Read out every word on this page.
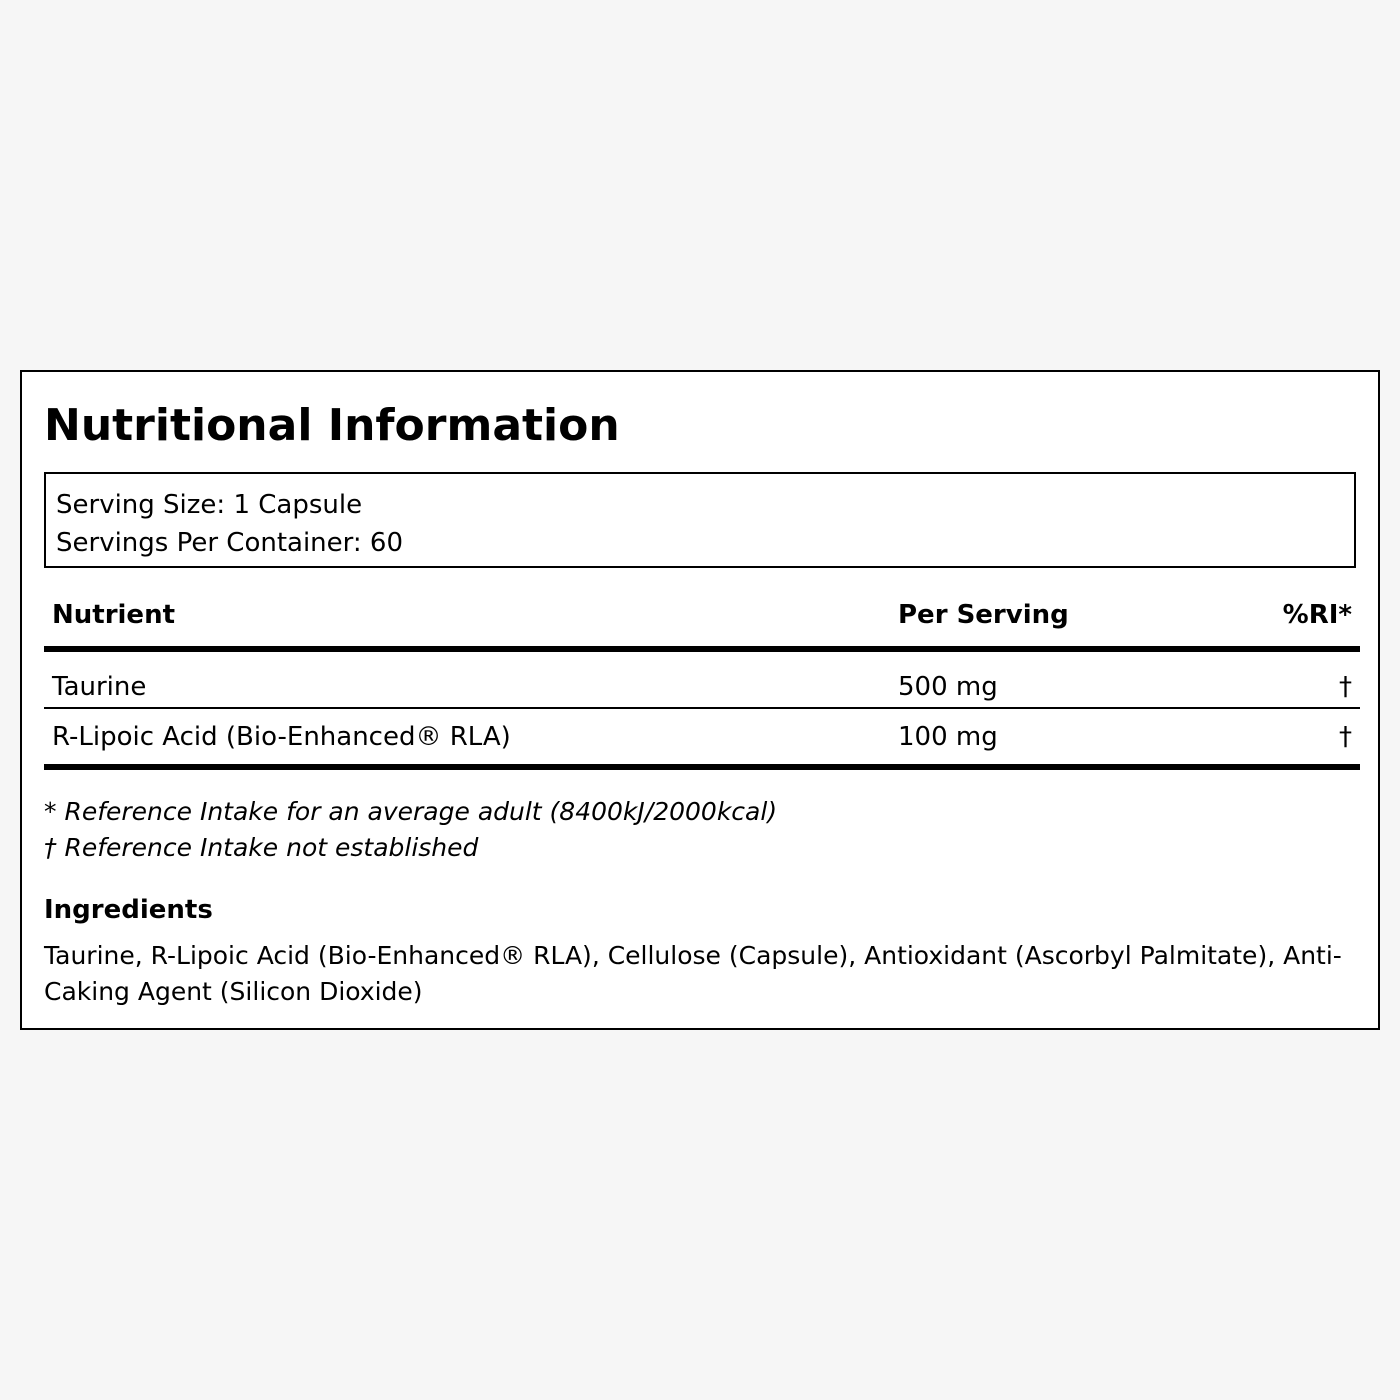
Nutritional Information
Serving Size: 1 Capsule
Servings Per Container: 60
Nutrient	Per Serving	%RI*
Taurine	500 mg	†
R-Lipoic Acid (Bio-Enhanced® RLA)	100 mg	†
* Reference Intake for an average adult (8400kJ/2000kcal)
† Reference Intake not established
Ingredients
Taurine, R-Lipoic Acid (Bio-Enhanced® RLA), Cellulose (Capsule), Antioxidant (Ascorbyl Palmitate), Anti-Caking Agent (Silicon Dioxide)
